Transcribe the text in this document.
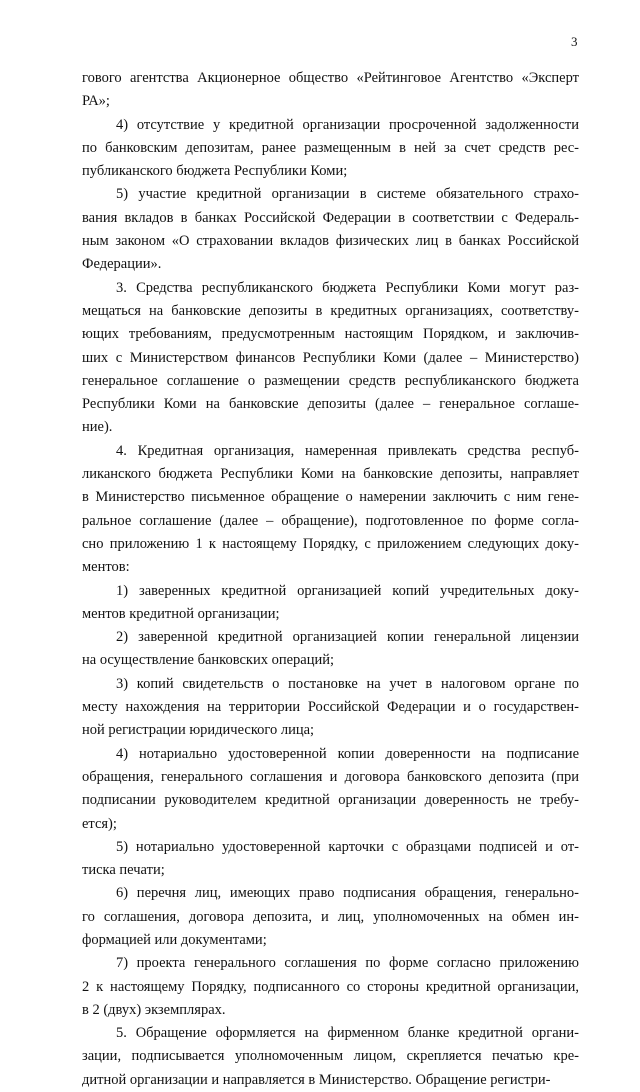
3
гового агентства Акционерное общество «Рейтинговое Агентство «Эксперт
РА»;
4) отсутствие у кредитной организации просроченной задолженности
по банковским депозитам, ранее размещенным в ней за счет средств рес-
публиканского бюджета Республики Коми;
5) участие кредитной организации в системе обязательного страхо-
вания вкладов в банках Российской Федерации в соответствии с Федераль-
ным законом «О страховании вкладов физических лиц в банках Российской
Федерации».
3. Средства республиканского бюджета Республики Коми могут раз-
мещаться на банковские депозиты в кредитных организациях, соответству-
ющих требованиям, предусмотренным настоящим Порядком, и заключив-
ших с Министерством финансов Республики Коми (далее – Министерство)
генеральное соглашение о размещении средств республиканского бюджета
Республики Коми на банковские депозиты (далее – генеральное соглаше-
ние).
4. Кредитная организация, намеренная привлекать средства респуб-
ликанского бюджета Республики Коми на банковские депозиты, направляет
в Министерство письменное обращение о намерении заключить с ним гене-
ральное соглашение (далее – обращение), подготовленное по форме согла-
сно приложению 1 к настоящему Порядку, с приложением следующих доку-
ментов:
1) заверенных кредитной организацией копий учредительных доку-
ментов кредитной организации;
2) заверенной кредитной организацией копии генеральной лицензии
на осуществление банковских операций;
3) копий свидетельств о постановке на учет в налоговом органе по
месту нахождения на территории Российской Федерации и о государствен-
ной регистрации юридического лица;
4) нотариально удостоверенной копии доверенности на подписание
обращения, генерального соглашения и договора банковского депозита (при
подписании руководителем кредитной организации доверенность не требу-
ется);
5) нотариально удостоверенной карточки с образцами подписей и от-
тиска печати;
6) перечня лиц, имеющих право подписания обращения, генерально-
го соглашения, договора депозита, и лиц, уполномоченных на обмен ин-
формацией или документами;
7) проекта генерального соглашения по форме согласно приложению
2 к настоящему Порядку, подписанного со стороны кредитной организации,
в 2 (двух) экземплярах.
5. Обращение оформляется на фирменном бланке кредитной органи-
зации, подписывается уполномоченным лицом, скрепляется печатью кре-
дитной организации и направляется в Министерство. Обращение регистри-
